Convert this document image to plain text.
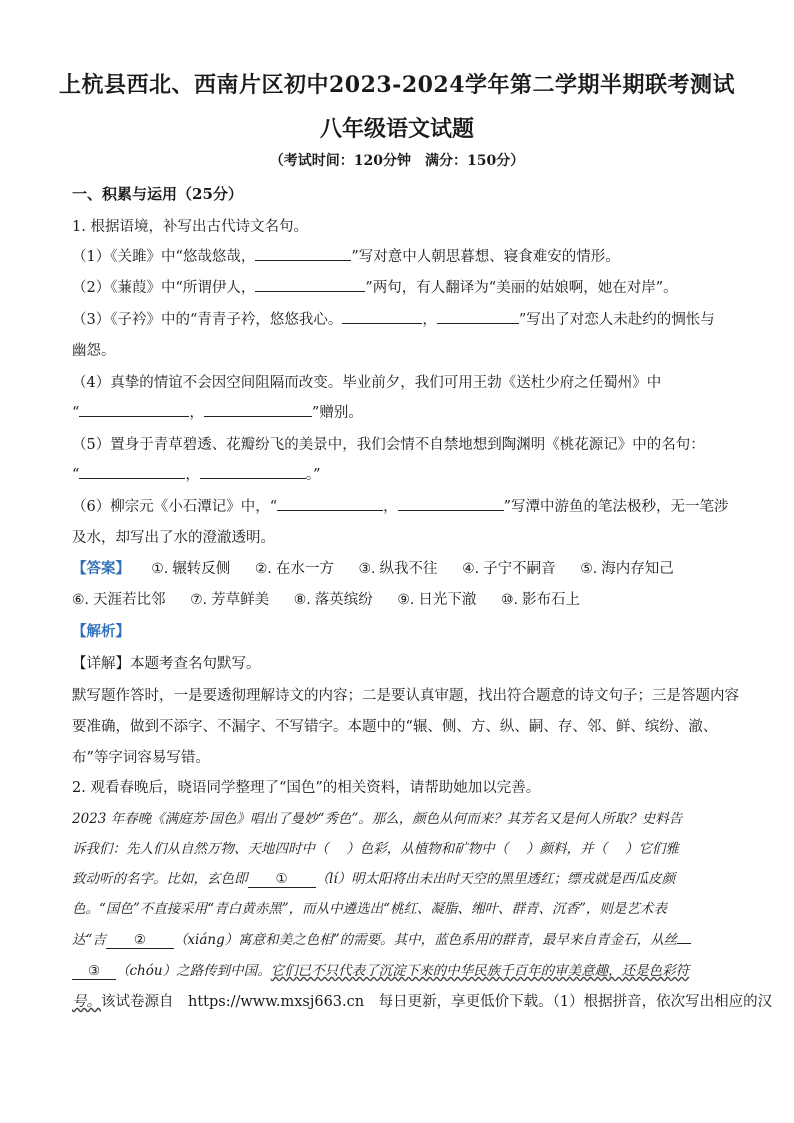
上杭县西北、西南片区初中2023-2024学年第二学期半期联考测试
八年级语文试题
（考试时间：120分钟　满分：150分）
一、积累与运用（25分）
1. 根据语境，补写出古代诗文名句。
（1）《关雎》中“悠哉悠哉，	”写对意中人朝思暮想、寝食难安的情形。
（2）《蒹葭》中“所谓伊人，	”两句，有人翻译为“美丽的姑娘啊，她在对岸”。
（3）《子衿》中的“青青子衿，悠悠我心。	，	”写出了对恋人未赴约的惆怅与
幽怨。
（4）真挚的情谊不会因空间阻隔而改变。毕业前夕，我们可用王勃《送杜少府之任蜀州》中
“	，	”赠别。
（5）置身于青草碧透、花瓣纷飞的美景中，我们会情不自禁地想到陶渊明《桃花源记》中的名句：
“	，	。”
（6）柳宗元《小石潭记》中，“	，	”写潭中游鱼的笔法极秒，无一笔涉
及水，却写出了水的澄澈透明。
【答案】 ①. 辗转反侧 ②. 在水一方 ③. 纵我不往 ④. 子宁不嗣音 ⑤. 海内存知己
⑥. 天涯若比邻 ⑦. 芳草鲜美 ⑧. 落英缤纷 ⑨. 日光下澈 ⑩. 影布石上
【解析】
【详解】本题考查名句默写。
默写题作答时，一是要透彻理解诗文的内容；二是要认真审题，找出符合题意的诗文句子；三是答题内容
要准确，做到不添字、不漏字、不写错字。本题中的“辗、侧、方、纵、嗣、存、邻、鲜、缤纷、澈、
布”等字词容易写错。
2. 观看春晚后，晓语同学整理了“国色”的相关资料，请帮助她加以完善。
2023 年春晚《满庭芳·国色》唱出了曼妙“秀色”。那么，颜色从何而来？其芳名又是何人所取？史料告
诉我们：先人们从自然万物、天地四时中（　 ）色彩，从植物和矿物中（　 ）颜料，并（　 ）它们雅
致动听的名字。比如，玄色即 ① （lí）明太阳将出未出时天空的黑里透红；缥戎就是西瓜皮颜
色。“国色”不直接采用“青白黄赤黑”，而从中遴选出“桃红、凝脂、缃叶、群青、沉香”，则是艺术表
达“吉 ② （xiáng）寓意和美之色相”的需要。其中，蓝色系用的群青，最早来自青金石，从丝
③ （chóu）之路传到中国。它们已不只代表了沉淀下来的中华民族千百年的审美意趣，还是色彩符
号。该试卷源自　https://www.mxsj663.cn　每日更新，享更低价下载。（1）根据拼音，依次写出相应的汉
